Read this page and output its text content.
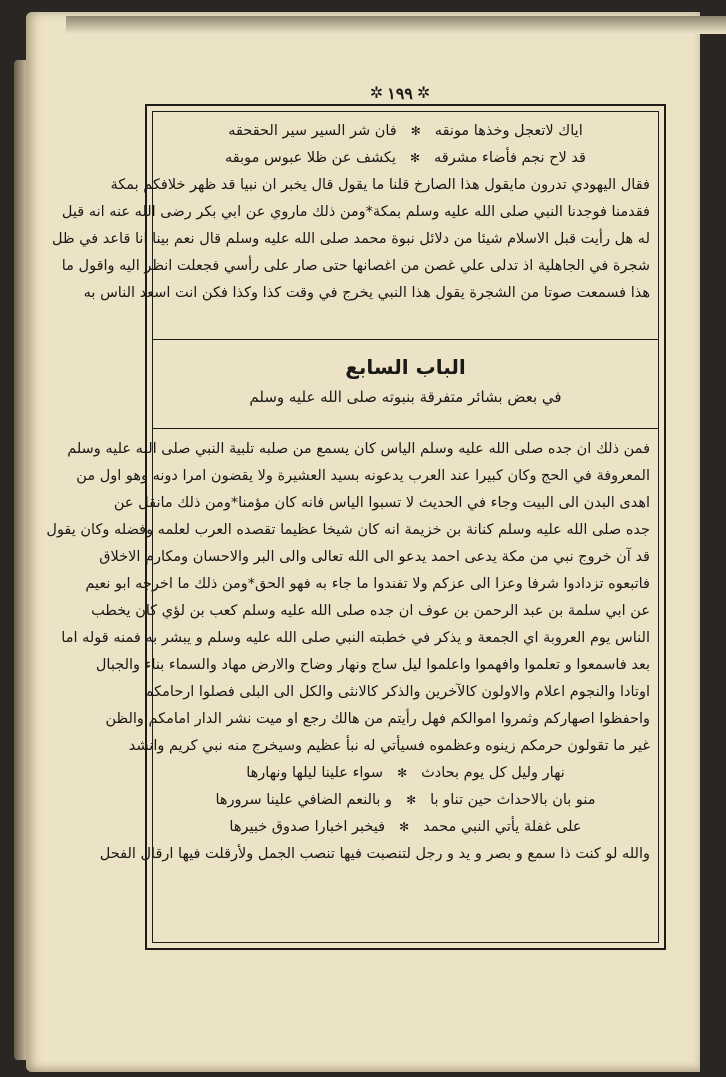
✲ ١٩٩ ✲
اياك لاتعجل وخذها مونقه
✻
فان شر السير سير الحقحقه
قد لاح نجم فأضاء مشرقه
✻
يكشف عن ظلا عبوس موبقه
فقال اليهودي تدرون مايقول هذا الصارخ قلنا ما يقول قال يخبر ان نبيا قد ظهر خلافكم بمكة
فقدمنا فوجدنا النبي صلى الله عليه وسلم بمكة*ومن ذلك ماروي عن ابي بكر رضى الله عنه انه قيل
له هل رأيت قبل الاسلام شيئا من دلائل نبوة محمد صلى الله عليه وسلم قال نعم بينا انا قاعد في ظل
شجرة في الجاهلية اذ تدلى علي غصن من اغصانها حتى صار على رأسي فجعلت انظر اليه واقول ما
هذا فسمعت صوتا من الشجرة يقول هذا النبي يخرج في وقت كذا وكذا فكن انت اسعد الناس به
الباب السابع
في بعض بشائر متفرقة بنبوته صلى الله عليه وسلم
فمن ذلك ان جده صلى الله عليه وسلم الياس كان يسمع من صلبه تلبية النبي صلى الله عليه وسلم
المعروفة في الحج وكان كبيرا عند العرب يدعونه بسيد العشيرة ولا يقضون امرا دونه وهو اول من
اهدى البدن الى البيت وجاء في الحديث لا تسبوا الياس فانه كان مؤمنا*ومن ذلك مانقل عن
جده صلى الله عليه وسلم كنانة بن خزيمة انه كان شيخا عظيما تقصده العرب لعلمه وفضله وكان يقول
قد آن خروج نبي من مكة يدعى احمد يدعو الى الله تعالى والى البر والاحسان ومكارم الاخلاق
فاتبعوه تزدادوا شرفا وعزا الى عزكم ولا تفندوا ما جاء به فهو الحق*ومن ذلك ما اخرجه ابو نعيم
عن ابي سلمة بن عبد الرحمن بن عوف ان جده صلى الله عليه وسلم كعب بن لؤي كان يخطب
الناس يوم العروبة اي الجمعة و يذكر في خطبته النبي صلى الله عليه وسلم و يبشر به فمنه قوله اما
بعد فاسمعوا و تعلموا وافهموا واعلموا ليل ساج ونهار وضاح والارض مهاد والسماء بناء والجبال
اوتادا والنجوم اعلام والاولون كالآخرين والذكر كالانثى والكل الى البلى فصلوا ارحامكم
واحفظوا اصهاركم وثمروا اموالكم فهل رأيتم من هالك رجع او ميت نشر الدار امامكم والظن
غير ما تقولون حرمكم زينوه وعظموه فسيأتي له نبأ عظيم وسيخرج منه نبي كريم وانشد
نهار وليل كل يوم بحادث
✻
سواء علينا ليلها ونهارها
منو بان بالاحداث حين تناو با
✻
و بالنعم الضافي علينا سرورها
على غفلة يأتي النبي محمد
✻
فيخبر اخبارا صدوق خبيرها
والله لو كنت ذا سمع و بصر و يد و رجل لتنصبت فيها تنصب الجمل ولأرقلت فيها ارقال الفحل
